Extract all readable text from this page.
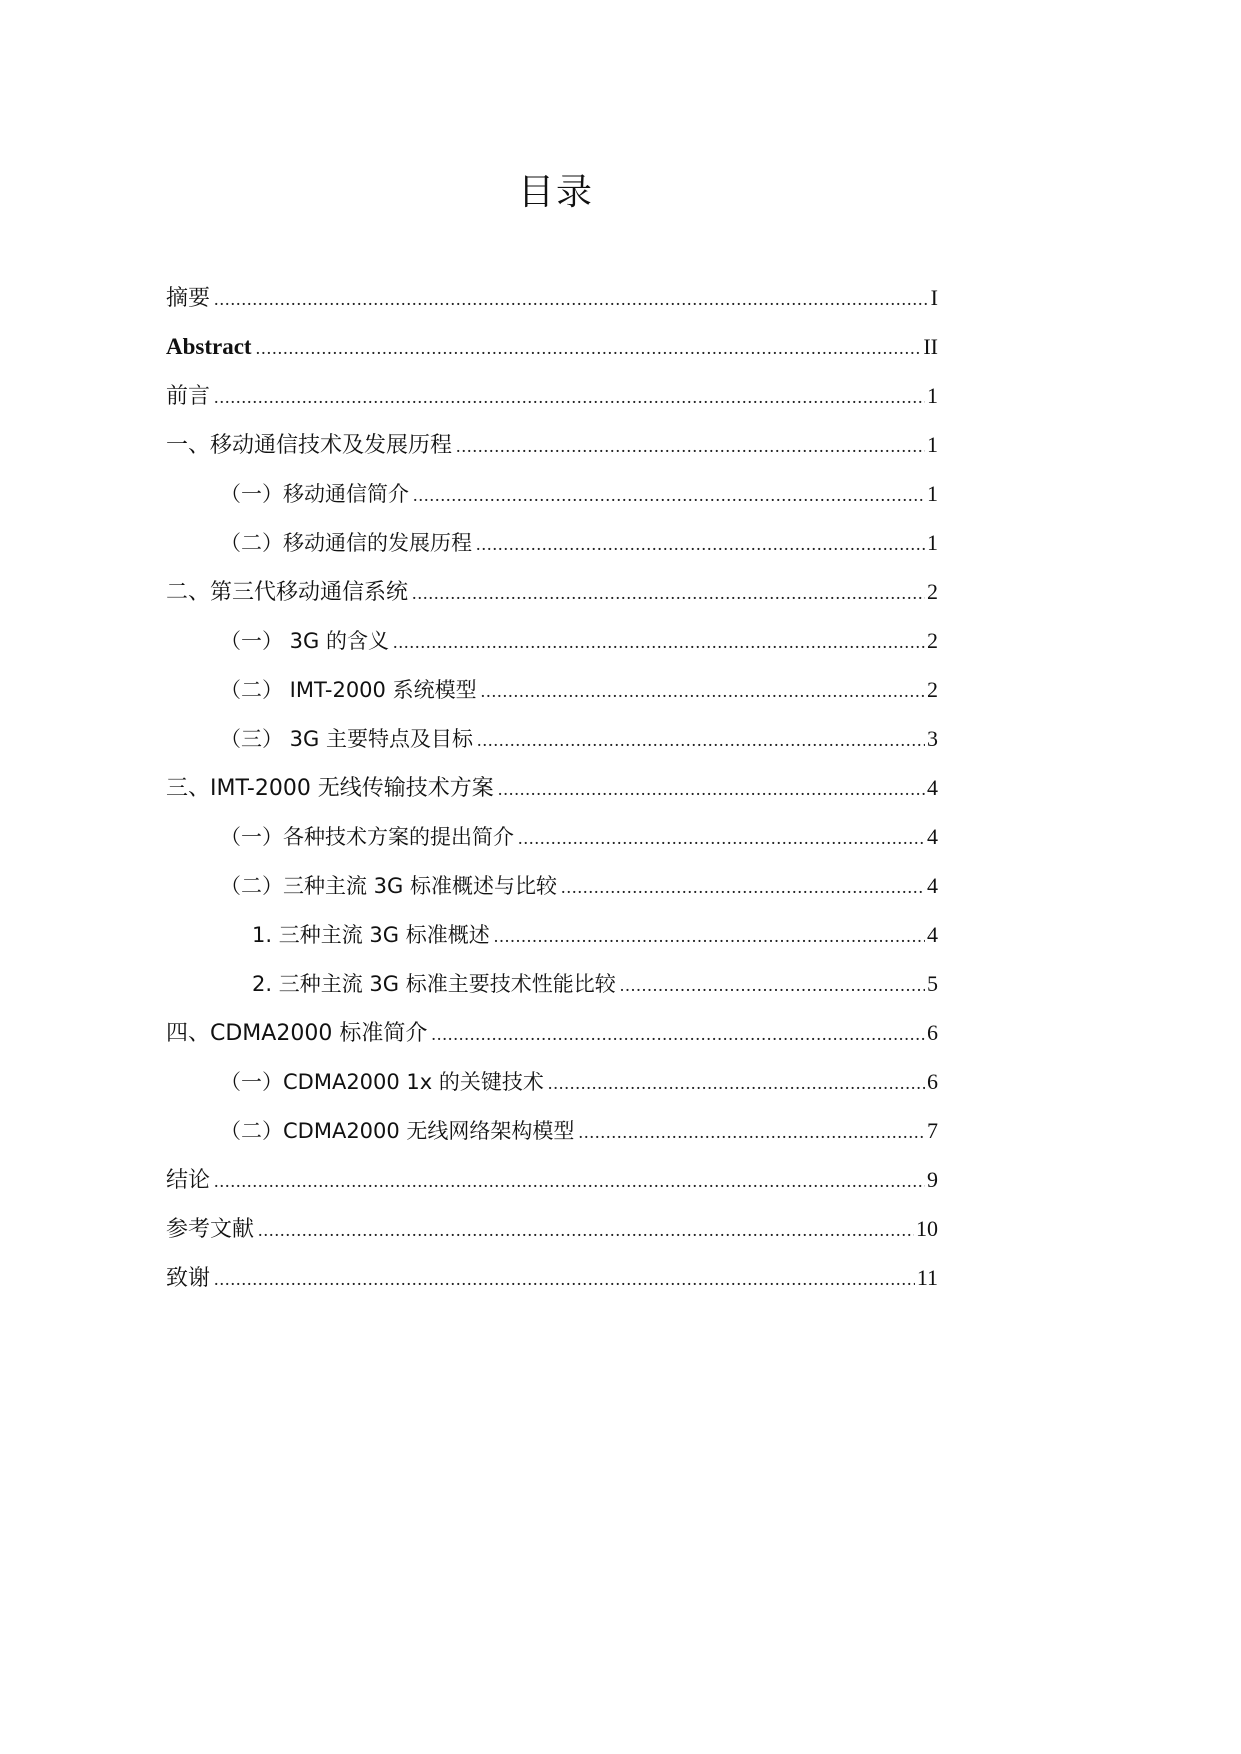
目录
摘要 .....	I
Abstract .....	II
前言 .....	1
一、移动通信技术及发展历程 .....	1
（一）移动通信简介 .....	1
（二）移动通信的发展历程 .....	1
二、第三代移动通信系统 .....	2
（一） 3G 的含义 .....	2
（二） IMT-2000 系统模型 .....	2
（三） 3G 主要特点及目标 .....	3
三、IMT-2000 无线传输技术方案 .....	4
（一）各种技术方案的提出简介 .....	4
（二）三种主流 3G 标准概述与比较 .....	4
1. 三种主流 3G 标准概述 .....	4
2. 三种主流 3G 标准主要技术性能比较 .....	5
四、CDMA2000 标准简介 .....	6
（一）CDMA2000 1x 的关键技术 .....	6
（二）CDMA2000 无线网络架构模型 .....	7
结论 .....	9
参考文献 .....	10
致谢 .....	11
